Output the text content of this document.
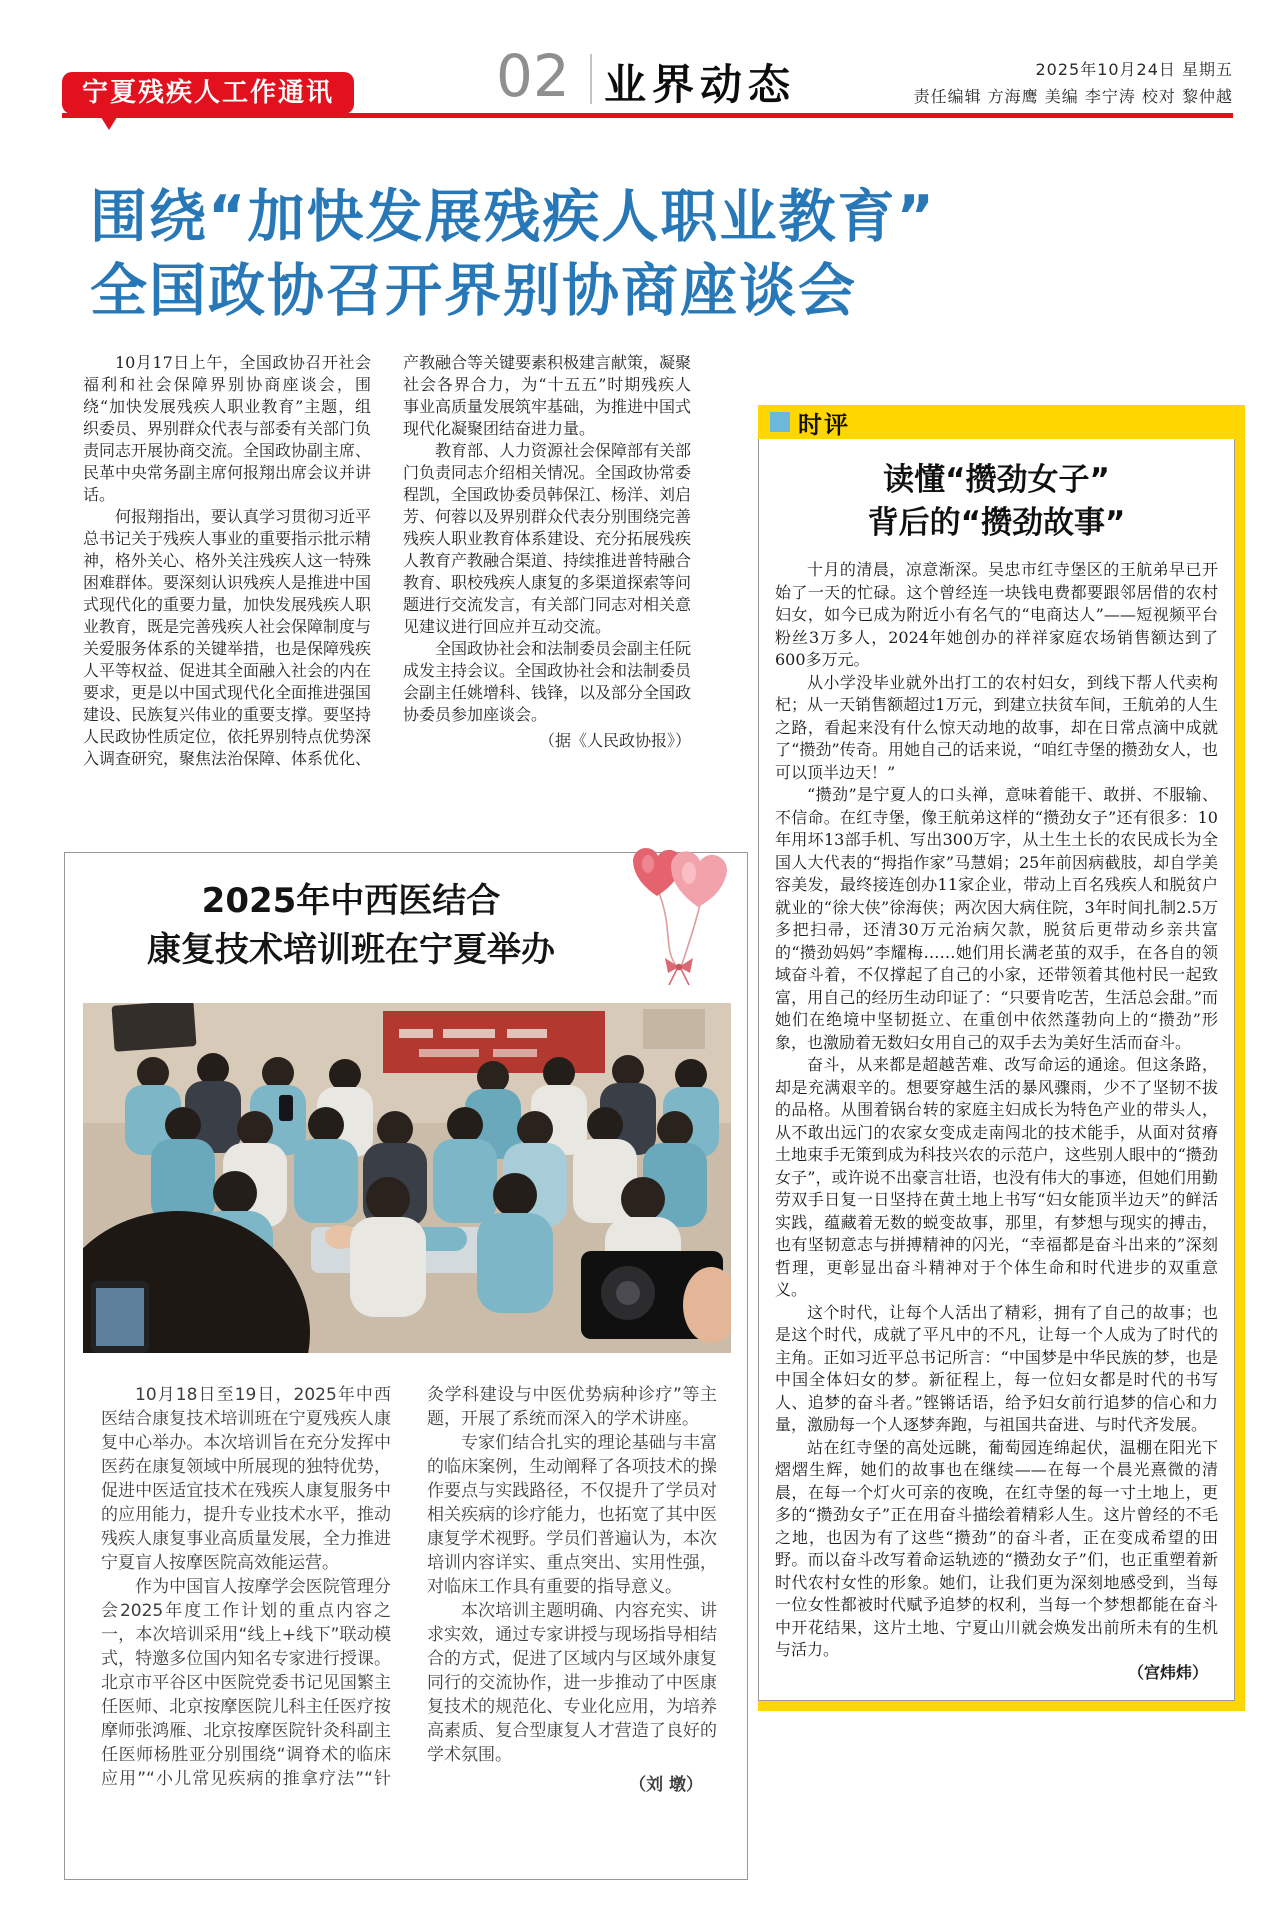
宁夏残疾人工作通讯	02 业界动态	2025年10月24日 星期五
责任编辑 方海鹰 美编 李宁涛 校对 黎仲越
围绕“加快发展残疾人职业教育”
全国政协召开界别协商座谈会

10月17日上午，全国政协召开社会福利和社会保障界别协商座谈会，围绕“加快发展残疾人职业教育”主题，组织委员、界别群众代表与部委有关部门负责同志开展协商交流。全国政协副主席、民革中央常务副主席何报翔出席会议并讲话。

何报翔指出，要认真学习贯彻习近平总书记关于残疾人事业的重要指示批示精神，格外关心、格外关注残疾人这一特殊困难群体。要深刻认识残疾人是推进中国式现代化的重要力量，加快发展残疾人职业教育，既是完善残疾人社会保障制度与关爱服务体系的关键举措，也是保障残疾人平等权益、促进其全面融入社会的内在要求，更是以中国式现代化全面推进强国建设、民族复兴伟业的重要支撑。要坚持人民政协性质定位，依托界别特点优势深入调查研究，聚焦法治保障、体系优化、产教融合等关键要素积极建言献策，凝聚社会各界合力，为“十五五”时期残疾人事业高质量发展筑牢基础，为推进中国式现代化凝聚团结奋进力量。

教育部、人力资源社会保障部有关部门负责同志介绍相关情况。全国政协常委程凯，全国政协委员韩保江、杨洋、刘启芳、何蓉以及界别群众代表分别围绕完善残疾人职业教育体系建设、充分拓展残疾人教育产教融合渠道、持续推进普特融合教育、职校残疾人康复的多渠道探索等问题进行交流发言，有关部门同志对相关意见建议进行回应并互动交流。

全国政协社会和法制委员会副主任阮成发主持会议。全国政协社会和法制委员会副主任姚增科、钱锋，以及部分全国政协委员参加座谈会。

（据《人民政协报》）

时评
读懂“攒劲女子”
背后的“攒劲故事”

十月的清晨，凉意渐深。吴忠市红寺堡区的王航弟早已开始了一天的忙碌。这个曾经连一块钱电费都要跟邻居借的农村妇女，如今已成为附近小有名气的“电商达人”——短视频平台粉丝3万多人，2024年她创办的祥祥家庭农场销售额达到了600多万元。

从小学没毕业就外出打工的农村妇女，到线下帮人代卖枸杞；从一天销售额超过1万元，到建立扶贫车间，王航弟的人生之路，看起来没有什么惊天动地的故事，却在日常点滴中成就了“攒劲”传奇。用她自己的话来说，“咱红寺堡的攒劲女人，也可以顶半边天！”

“攒劲”是宁夏人的口头禅，意味着能干、敢拼、不服输、不信命。在红寺堡，像王航弟这样的“攒劲女子”还有很多：10年用坏13部手机、写出300万字，从土生土长的农民成长为全国人大代表的“拇指作家”马慧娟；25年前因病截肢，却自学美容美发，最终接连创办11家企业，带动上百名残疾人和脱贫户就业的“徐大侠”徐海侠；两次因大病住院，3年时间扎制2.5万多把扫帚，还清30万元治病欠款，脱贫后更带动乡亲共富的“攒劲妈妈”李耀梅……她们用长满老茧的双手，在各自的领域奋斗着，不仅撑起了自己的小家，还带领着其他村民一起致富，用自己的经历生动印证了：“只要肯吃苦，生活总会甜。”而她们在绝境中坚韧挺立、在重创中依然蓬勃向上的“攒劲”形象，也激励着无数妇女用自己的双手去为美好生活而奋斗。

奋斗，从来都是超越苦难、改写命运的通途。但这条路，却是充满艰辛的。想要穿越生活的暴风骤雨，少不了坚韧不拔的品格。从围着锅台转的家庭主妇成长为特色产业的带头人，从不敢出远门的农家女变成走南闯北的技术能手，从面对贫瘠土地束手无策到成为科技兴农的示范户，这些别人眼中的“攒劲女子”，或许说不出豪言壮语，也没有伟大的事迹，但她们用勤劳双手日复一日坚持在黄土地上书写“妇女能顶半边天”的鲜活实践，蕴藏着无数的蜕变故事，那里，有梦想与现实的搏击，也有坚韧意志与拼搏精神的闪光，“幸福都是奋斗出来的”深刻哲理，更彰显出奋斗精神对于个体生命和时代进步的双重意义。

这个时代，让每个人活出了精彩，拥有了自己的故事；也是这个时代，成就了平凡中的不凡，让每一个人成为了时代的主角。正如习近平总书记所言：“中国梦是中华民族的梦，也是中国全体妇女的梦。新征程上，每一位妇女都是时代的书写人、追梦的奋斗者。”铿锵话语，给予妇女前行追梦的信心和力量，激励每一个人逐梦奔跑，与祖国共奋进、与时代齐发展。

站在红寺堡的高处远眺，葡萄园连绵起伏，温棚在阳光下熠熠生辉，她们的故事也在继续——在每一个晨光熹微的清晨，在每一个灯火可亲的夜晚，在红寺堡的每一寸土地上，更多的“攒劲女子”正在用奋斗描绘着精彩人生。这片曾经的不毛之地，也因为有了这些“攒劲”的奋斗者，正在变成希望的田野。而以奋斗改写着命运轨迹的“攒劲女子”们，也正重塑着新时代农村女性的形象。她们，让我们更为深刻地感受到，当每一位女性都被时代赋予追梦的权利，当每一个梦想都能在奋斗中开花结果，这片土地、宁夏山川就会焕发出前所未有的生机与活力。

（宫炜炜）

2025年中西医结合
康复技术培训班在宁夏举办

10月18日至19日，2025年中西医结合康复技术培训班在宁夏残疾人康复中心举办。本次培训旨在充分发挥中医药在康复领域中所展现的独特优势，促进中医适宜技术在残疾人康复服务中的应用能力，提升专业技术水平，推动残疾人康复事业高质量发展，全力推进宁夏盲人按摩医院高效能运营。

作为中国盲人按摩学会医院管理分会2025年度工作计划的重点内容之一，本次培训采用“线上+线下”联动模式，特邀多位国内知名专家进行授课。北京市平谷区中医院党委书记见国繁主任医师、北京按摩医院儿科主任医疗按摩师张鸿雁、北京按摩医院针灸科副主任医师杨胜亚分别围绕“调脊术的临床应用”“小儿常见疾病的推拿疗法”“针灸学科建设与中医优势病种诊疗”等主题，开展了系统而深入的学术讲座。

专家们结合扎实的理论基础与丰富的临床案例，生动阐释了各项技术的操作要点与实践路径，不仅提升了学员对相关疾病的诊疗能力，也拓宽了其中医康复学术视野。学员们普遍认为，本次培训内容详实、重点突出、实用性强，对临床工作具有重要的指导意义。

本次培训主题明确、内容充实、讲求实效，通过专家讲授与现场指导相结合的方式，促进了区域内与区域外康复同行的交流协作，进一步推动了中医康复技术的规范化、专业化应用，为培养高素质、复合型康复人才营造了良好的学术氛围。

（刘 墩）
